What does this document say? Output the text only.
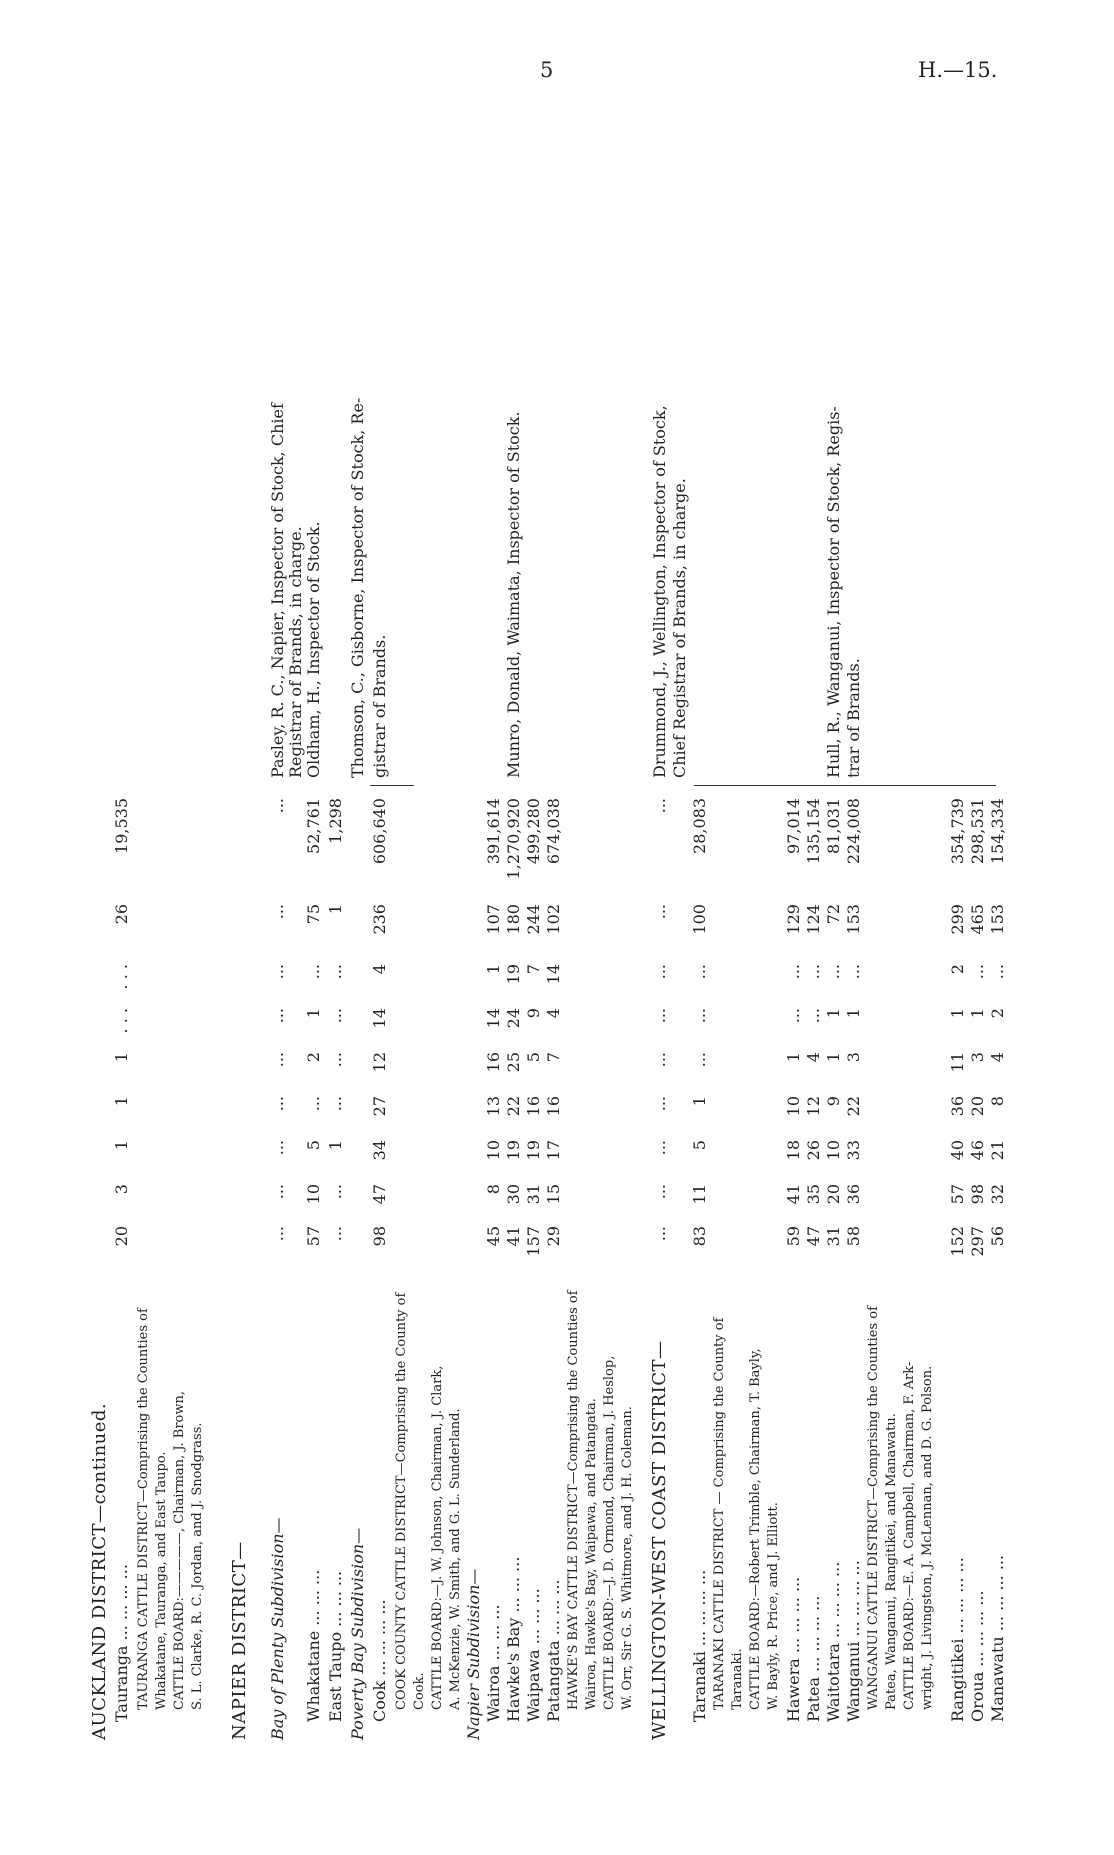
5	H.—15.
AUCKLAND DISTRICT—continued. Tauranga ... ... ... ...
20
3
1
1
1
. . .
. . .
26
19,535
TAURANGA CATTLE DISTRICT—Comprising the Counties of Whakatane, Tauranga, and East Taupo. CATTLE BOARD:—————, Chairman, J. Brown, S. L. Clarke, R. C. Jordan, and J. Snodgrass. NAPIER DISTRICT— Bay of Plenty Subdivision—
...
...
...
...
...
...
...
...
...
Pasley, R. C., Napier, Inspector of Stock, Chief Registrar of Brands, in charge.
Whakatane ... ... ...
57
10
5
...
2
1
...
75
52,761
Oldham, H., Inspector of Stock.
East Taupo ... ... ...
...
...
1
...
...
...
...
1
1,298
Poverty Bay Subdivision—
Thomson, C., Gisborne, Inspector of Stock, Re-
Cook ... ... ... ...
98
47
34
27
12
14
4
236
606,640
gistrar of Brands.
COOK COUNTY CATTLE DISTRICT—Comprising the County of Cook. CATTLE BOARD:—J. W. Johnson, Chairman, J. Clark, A. McKenzie, W. Smith, and G. L. Sunderland. Napier Subdivision— Wairoa ... ... ...
45
8
10
13
16
14
1
107
391,614
Hawke's Bay ... ... ...
41
30
19
22
25
24
19
180
1,270,920
Munro, Donald, Waimata, Inspector of Stock.
Waipawa ... ... ...
157
31
19
16
5
9
7
244
499,280
Patangata ... ... ...
29
15
17
16
7
4
14
102
674,038
HAWKE'S BAY CATTLE DISTRICT—Comprising the Counties of Wairoa, Hawke's Bay, Waipawa, and Patangata. CATTLE BOARD:—J. D. Ormond, Chairman, J. Heslop, W. Orr, Sir G. S. Whitmore, and J. H. Coleman. WELLINGTON-WEST COAST DISTRICT—
...
...
...
...
...
...
...
...
...
Drummond, J., Wellington, Inspector of Stock, Chief Registrar of Brands, in charge.
Taranaki ... ... ... ...
83
11
5
1
...
...
...
100
28,083
TARANAKI CATTLE DISTRICT — Comprising the County of Taranaki. CATTLE BOARD:—Robert Trimble, Chairman, T. Bayly, W. Bayly, R. Price, and J. Elliott. Hawera ... ... ... ...
59
41
18
10
1
...
...
129
97,014
Patea ... ... ... ...
47
35
26
12
4
...
...
124
135,154
Waitotara ... ... ... ...
31
20
10
9
1
1
...
72
81,031
Hull, R., Wanganui, Inspector of Stock, Regis-
Wanganui ... ... ... ...
58
36
33
22
3
1
...
153
224,008
trar of Brands.
WANGANUI CATTLE DISTRICT—Comprising the Counties of Patea, Wanganui, Rangitikei, and Manawatu. CATTLE BOARD:—E. A. Campbell, Chairman, F. Ark- wright, J. Livingston, J. McLennan, and D. G. Polson. Rangitikei ... ... ... ...
152
57
40
36
11
1
2
299
354,739
Oroua ... ... ... ...
297
98
46
20
3
1
...
465
298,531
Manawatu ... ... ... ...
56
32
21
8
4
2
...
153
154,334
